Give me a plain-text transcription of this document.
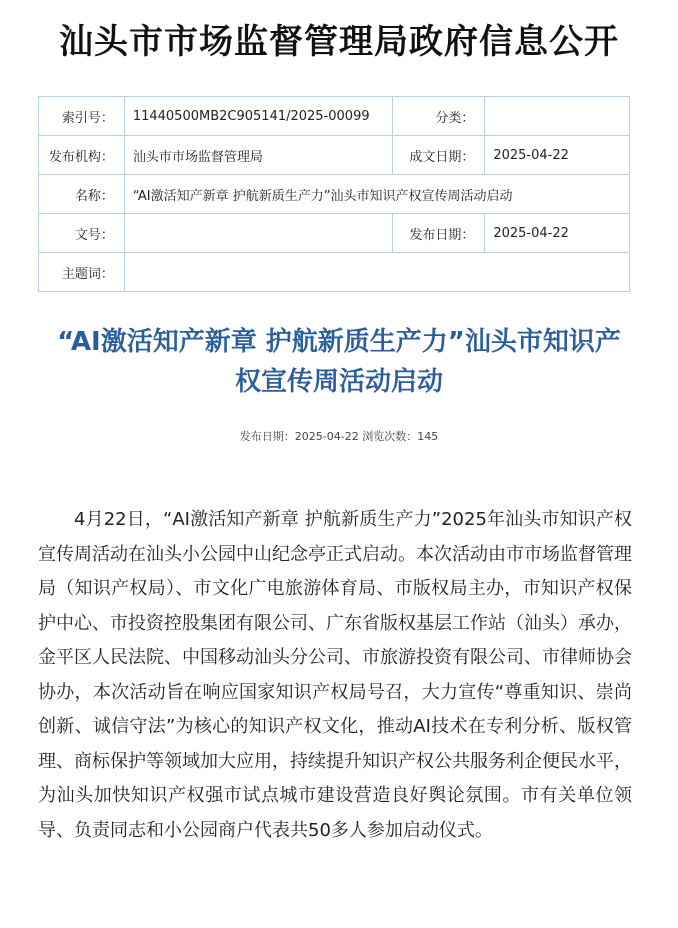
汕头市市场监督管理局政府信息公开
索引号：	11440500MB2C905141/2025-00099	分类：	
发布机构：	汕头市市场监督管理局	成文日期：	2025-04-22
名称：	“AI激活知产新章 护航新质生产力”汕头市知识产权宣传周活动启动		
文号：		发布日期：	2025-04-22
主题词：			
“AI激活知产新章 护航新质生产力”汕头市知识产权宣传周活动启动
发布日期：2025-04-22 浏览次数：145

4月22日，“AI激活知产新章 护航新质生产力”2025年汕头市知识产权宣传周活动在汕头小公园中山纪念亭正式启动。本次活动由市市场监督管理局（知识产权局）、市文化广电旅游体育局、市版权局主办，市知识产权保护中心、市投资控股集团有限公司、广东省版权基层工作站（汕头）承办，金平区人民法院、中国移动汕头分公司、市旅游投资有限公司、市律师协会协办，本次活动旨在响应国家知识产权局号召，大力宣传“尊重知识、崇尚创新、诚信守法”为核心的知识产权文化，推动AI技术在专利分析、版权管理、商标保护等领域加大应用，持续提升知识产权公共服务利企便民水平，为汕头加快知识产权强市试点城市建设营造良好舆论氛围。市有关单位领导、负责同志和小公园商户代表共50多人参加启动仪式。
